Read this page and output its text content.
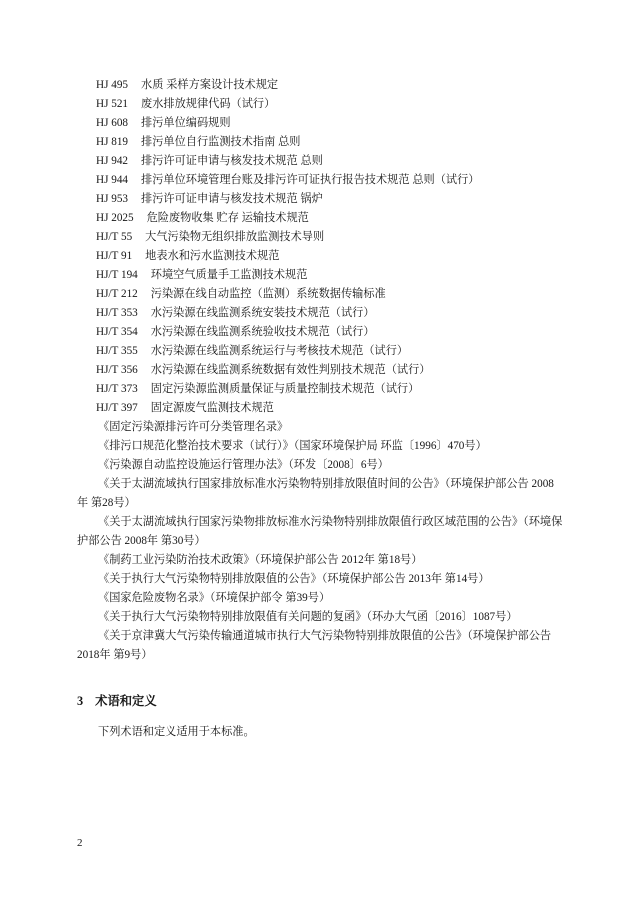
HJ 495 水质 采样方案设计技术规定
HJ 521 废水排放规律代码（试行）
HJ 608 排污单位编码规则
HJ 819 排污单位自行监测技术指南 总则
HJ 942 排污许可证申请与核发技术规范 总则
HJ 944 排污单位环境管理台账及排污许可证执行报告技术规范 总则（试行）
HJ 953 排污许可证申请与核发技术规范 锅炉
HJ 2025 危险废物收集 贮存 运输技术规范
HJ/T 55 大气污染物无组织排放监测技术导则
HJ/T 91 地表水和污水监测技术规范
HJ/T 194 环境空气质量手工监测技术规范
HJ/T 212 污染源在线自动监控（监测）系统数据传输标准
HJ/T 353 水污染源在线监测系统安装技术规范（试行）
HJ/T 354 水污染源在线监测系统验收技术规范（试行）
HJ/T 355 水污染源在线监测系统运行与考核技术规范（试行）
HJ/T 356 水污染源在线监测系统数据有效性判别技术规范（试行）
HJ/T 373 固定污染源监测质量保证与质量控制技术规范（试行）
HJ/T 397 固定源废气监测技术规范

《固定污染源排污许可分类管理名录》

《排污口规范化整治技术要求（试行）》（国家环境保护局 环监〔1996〕470号）

《污染源自动监控设施运行管理办法》（环发〔2008〕6号）

《关于太湖流域执行国家排放标准水污染物特别排放限值时间的公告》（环境保护部公告 2008年 第28号）

《关于太湖流域执行国家污染物排放标准水污染物特别排放限值行政区域范围的公告》（环境保护部公告 2008年 第30号）

《制药工业污染防治技术政策》（环境保护部公告 2012年 第18号）

《关于执行大气污染物特别排放限值的公告》（环境保护部公告 2013年 第14号）

《国家危险废物名录》（环境保护部令 第39号）

《关于执行大气污染物特别排放限值有关问题的复函》（环办大气函〔2016〕1087号）

《关于京津冀大气污染传输通道城市执行大气污染物特别排放限值的公告》（环境保护部公告 2018年 第9号）

3 术语和定义
下列术语和定义适用于本标准。
2
